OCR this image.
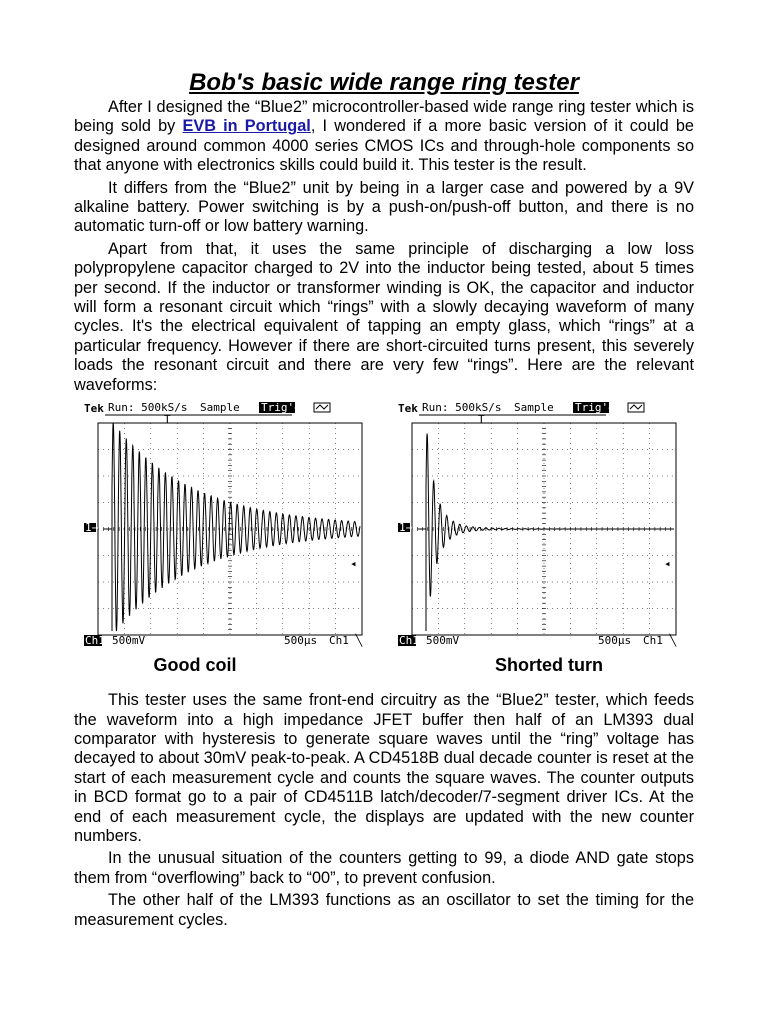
Bob's basic wide range ring tester

After I designed the “Blue2” microcontroller-based wide range ring tester which is being sold by EVB in Portugal, I wondered if a more basic version of it could be designed around common 4000 series CMOS ICs and through-hole components so that anyone with electronics skills could build it. This tester is the result.

It differs from the “Blue2” unit by being in a larger case and powered by a 9V alkaline battery. Power switching is by a push-on/push-off button, and there is no automatic turn-off or low battery warning.

Apart from that, it uses the same principle of discharging a low loss polypropylene capacitor charged to 2V into the inductor being tested, about 5 times per second. If the inductor or transformer winding is OK, the capacitor and inductor will form a resonant circuit which “rings” with a slowly decaying waveform of many cycles. It's the electrical equivalent of tapping an empty glass, which “rings” at a particular frequency. However if there are short-circuited turns present, this severely loads the resonant circuit and there are very few “rings”. Here are the relevant waveforms:

Tek Run: 500kS/s Sample Trig'd
T
1→
◂
Ch1 500mV	500µs Ch1 ╲
Good coil
Tek Run: 500kS/s Sample Trig'd
T
1→
◂
Ch1 500mV	500µs Ch1 ╲
Shorted turn

This tester uses the same front-end circuitry as the “Blue2” tester, which feeds the waveform into a high impedance JFET buffer then half of an LM393 dual comparator with hysteresis to generate square waves until the “ring” voltage has decayed to about 30mV peak-to-peak. A CD4518B dual decade counter is reset at the start of each measurement cycle and counts the square waves. The counter outputs in BCD format go to a pair of CD4511B latch/decoder/7-segment driver ICs. At the end of each measurement cycle, the displays are updated with the new counter numbers.

In the unusual situation of the counters getting to 99, a diode AND gate stops them from “overflowing” back to “00”, to prevent confusion.

The other half of the LM393 functions as an oscillator to set the timing for the measurement cycles.
